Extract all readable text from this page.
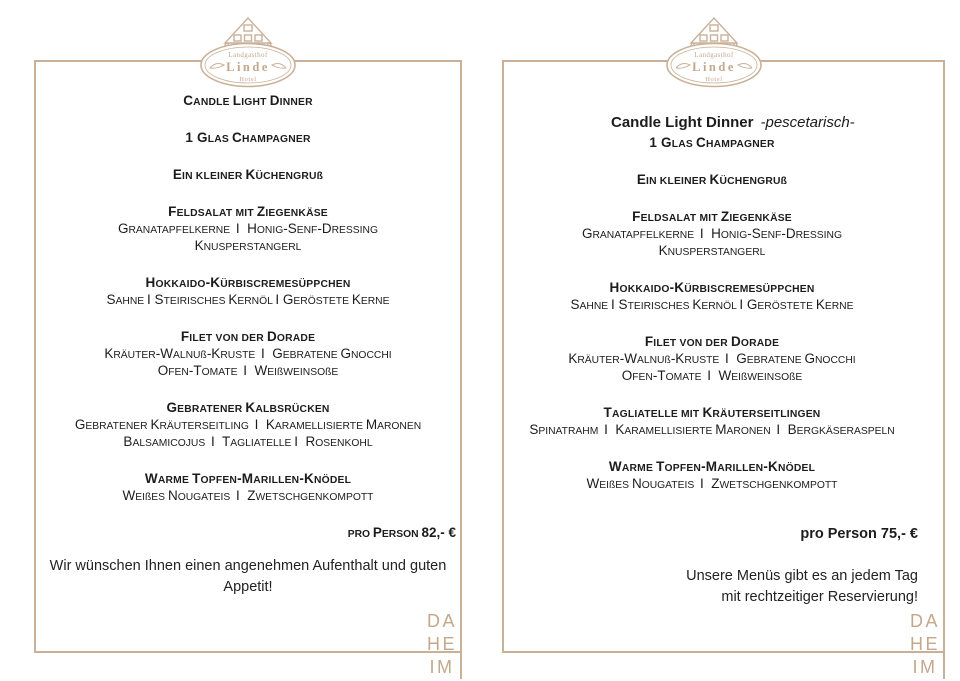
Landgasthof
Linde
Hotel
CANDLE LIGHT DINNER
1 GLAS CHAMPAGNER
EIN KLEINER KÜCHENGRUß
FELDSALAT MIT ZIEGENKÄSE
GRANATAPFELKERNE  I  HONIG-SENF-DRESSING
KNUSPERSTANGERL
HOKKAIDO-KÜRBISCREMESÜPPCHEN
SAHNE I STEIRISCHES KERNÖL I GERÖSTETE KERNE
FILET VON DER DORADE
KRÄUTER-WALNUß-KRUSTE  I  GEBRATENE GNOCCHI
OFEN-TOMATE  I  WEIßWEINSOßE
GEBRATENER KALBSRÜCKEN
GEBRATENER KRÄUTERSEITLING  I  KARAMELLISIERTE MARONEN
BALSAMICOJUS  I  TAGLIATELLE I  ROSENKOHL
WARME TOPFEN-MARILLEN-KNÖDEL
WEIßES NOUGATEIS  I  ZWETSCHGENKOMPOTT
PRO PERSON 82,- €
Wir wünschen Ihnen einen angenehmen Aufenthalt und guten
Appetit!
DA
HE
IM
Landgasthof
Linde
Hotel

Candle Light Dinner -pescetarisch-

1 GLAS CHAMPAGNER
EIN KLEINER KÜCHENGRUß
FELDSALAT MIT ZIEGENKÄSE
GRANATAPFELKERNE  I  HONIG-SENF-DRESSING
KNUSPERSTANGERL
HOKKAIDO-KÜRBISCREMESÜPPCHEN
SAHNE I STEIRISCHES KERNÖL I GERÖSTETE KERNE
FILET VON DER DORADE
KRÄUTER-WALNUß-KRUSTE  I  GEBRATENE GNOCCHI
OFEN-TOMATE  I  WEIßWEINSOßE
TAGLIATELLE MIT KRÄUTERSEITLINGEN
SPINATRAHM  I  KARAMELLISIERTE MARONEN  I  BERGKÄSERASPELN
WARME TOPFEN-MARILLEN-KNÖDEL
WEIßES NOUGATEIS  I  ZWETSCHGENKOMPOTT
pro Person 75,- €
Unsere Menüs gibt es an jedem Tag
mit rechtzeitiger Reservierung!
DA
HE
IM
